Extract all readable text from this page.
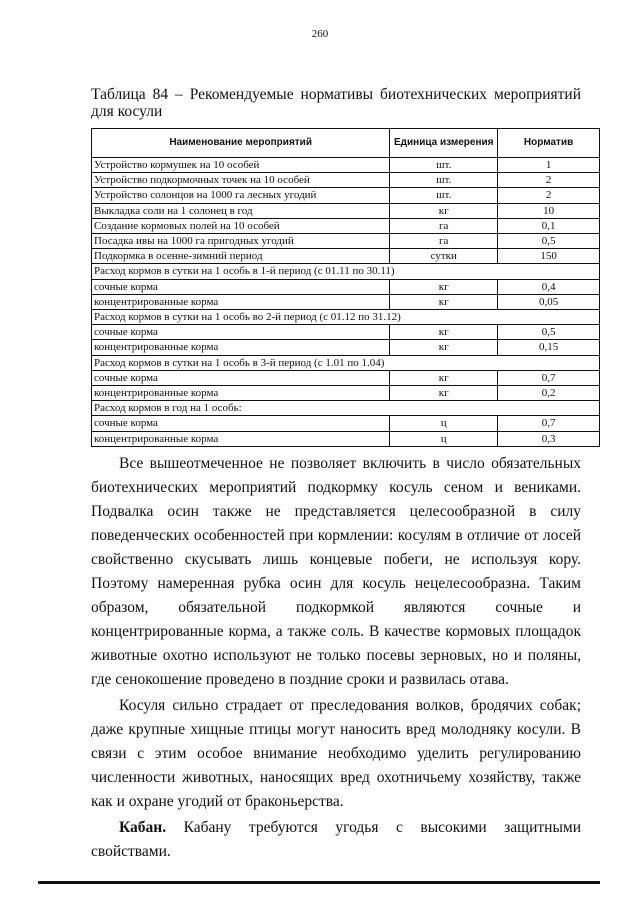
260
Таблица 84 – Рекомендуемые нормативы биотехнических мероприятий для косули
Наименование мероприятий	Единица измерения	Норматив
Устройство кормушек на 10 особей	шт.	1
Устройство подкормочных точек на 10 особей	шт.	2
Устройство солонцов на 1000 га лесных угодий	шт.	2
Выкладка соли на 1 солонец в год	кг	10
Создание кормовых полей на 10 особей	га	0,1
Посадка ивы на 1000 га пригодных угодий	га	0,5
Подкормка в осенне-зимний период	сутки	150
Расход кормов в сутки на 1 особь в 1-й период (с 01.11 по 30.11)		
сочные корма	кг	0,4
концентрированные корма	кг	0,05
Расход кормов в сутки на 1 особь во 2-й период (с 01.12 по 31.12)		
сочные корма	кг	0,5
концентрированные корма	кг	0,15
Расход кормов в сутки на 1 особь в 3-й период (с 1.01 по 1.04)		
сочные корма	кг	0,7
концентрированные корма	кг	0,2
Расход кормов в год на 1 особь:		
сочные корма	ц	0,7
концентрированные корма	ц	0,3

Все вышеотмеченное не позволяет включить в число обязательных биотехнических мероприятий подкормку косуль сеном и вениками. Подвалка осин также не представляется целесообразной в силу поведенческих особенностей при кормлении: косулям в отличие от лосей свойственно скусывать лишь концевые побеги, не используя кору. Поэтому намеренная рубка осин для косуль нецелесообразна. Таким образом, обязательной подкормкой являются сочные и концентрированные корма, а также соль. В качестве кормовых площадок животные охотно используют не только посевы зерновых, но и поляны, где сенокошение проведено в поздние сроки и развилась отава.

Косуля сильно страдает от преследования волков, бродячих собак; даже крупные хищные птицы могут наносить вред молодняку косули. В связи с этим особое внимание необходимо уделить регулированию численности животных, наносящих вред охотничьему хозяйству, также как и охране угодий от браконьерства.

Кабан. Кабану требуются угодья с высокими защитными свойствами.
